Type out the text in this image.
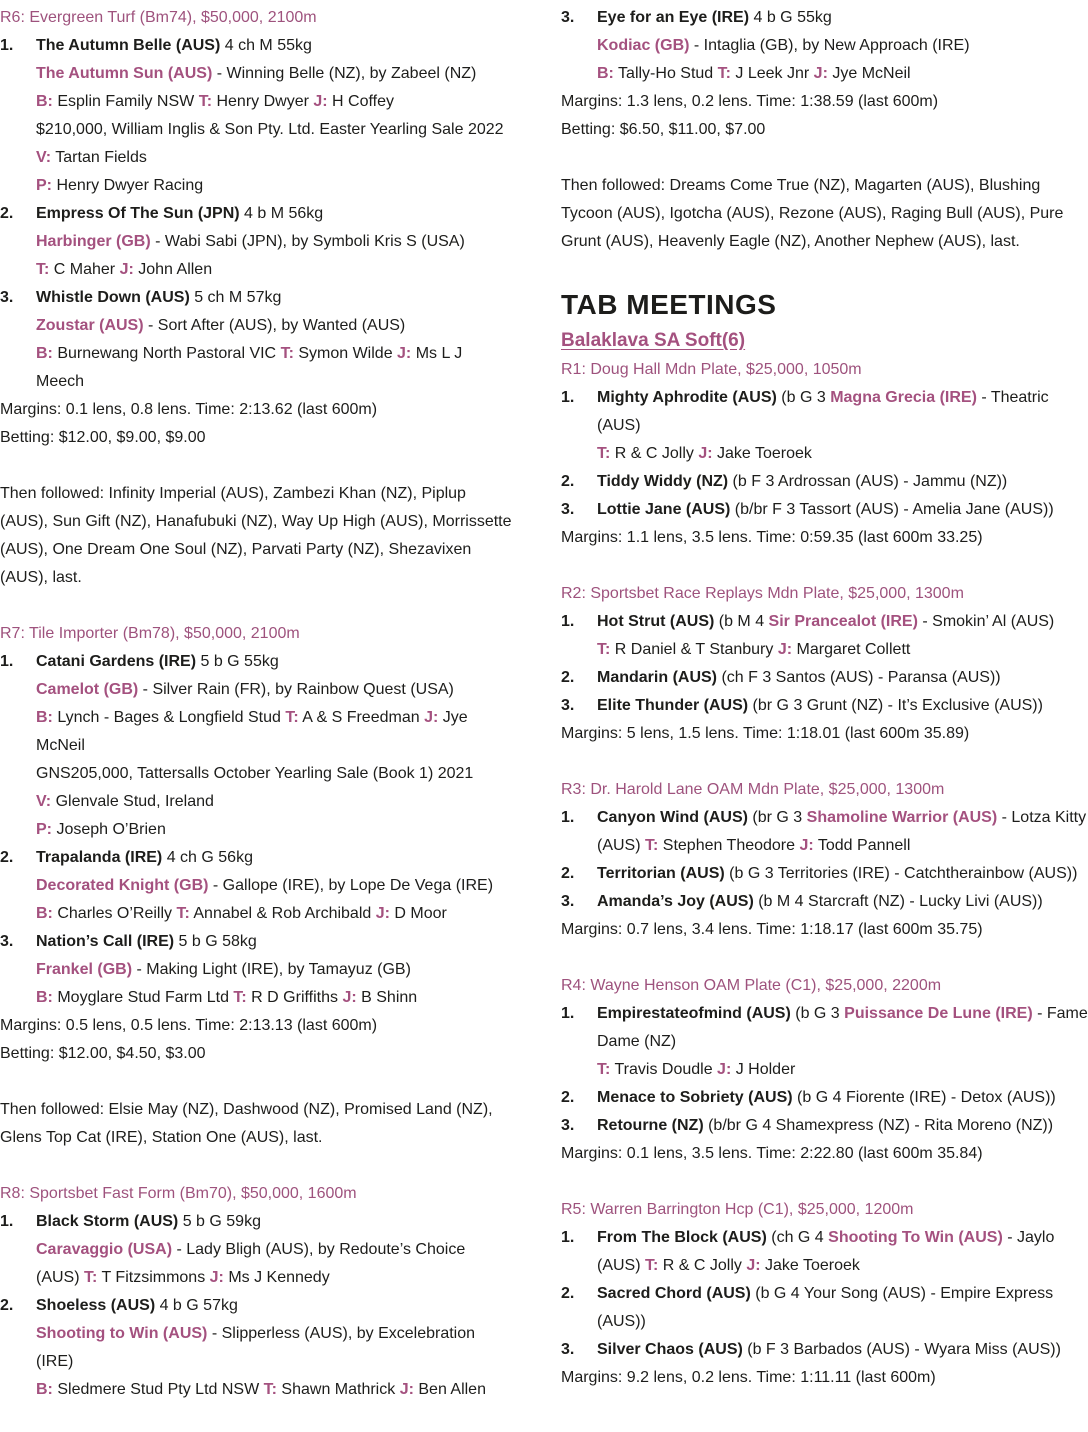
R6: Evergreen Turf (Bm74), $50,000, 2100m
1. The Autumn Belle (AUS) 4 ch M 55kg
The Autumn Sun (AUS) - Winning Belle (NZ), by Zabeel (NZ)
B: Esplin Family NSW T: Henry Dwyer J: H Coffey
$210,000, William Inglis & Son Pty. Ltd. Easter Yearling Sale 2022
V: Tartan Fields
P: Henry Dwyer Racing
2. Empress Of The Sun (JPN) 4 b M 56kg
Harbinger (GB) - Wabi Sabi (JPN), by Symboli Kris S (USA)
T: C Maher J: John Allen
3. Whistle Down (AUS) 5 ch M 57kg
Zoustar (AUS) - Sort After (AUS), by Wanted (AUS)
B: Burnewang North Pastoral VIC T: Symon Wilde J: Ms L J Meech
Margins: 0.1 lens, 0.8 lens. Time: 2:13.62 (last 600m)
Betting: $12.00, $9.00, $9.00
Then followed: Infinity Imperial (AUS), Zambezi Khan (NZ), Piplup (AUS), Sun Gift (NZ), Hanafubuki (NZ), Way Up High (AUS), Morrissette (AUS), One Dream One Soul (NZ), Parvati Party (NZ), Shezavixen (AUS), last.
R7: Tile Importer (Bm78), $50,000, 2100m
1. Catani Gardens (IRE) 5 b G 55kg
Camelot (GB) - Silver Rain (FR), by Rainbow Quest (USA)
B: Lynch - Bages & Longfield Stud T: A & S Freedman J: Jye McNeil
GNS205,000, Tattersalls October Yearling Sale (Book 1) 2021
V: Glenvale Stud, Ireland
P: Joseph O’Brien
2. Trapalanda (IRE) 4 ch G 56kg
Decorated Knight (GB) - Gallope (IRE), by Lope De Vega (IRE)
B: Charles O’Reilly T: Annabel & Rob Archibald J: D Moor
3. Nation’s Call (IRE) 5 b G 58kg
Frankel (GB) - Making Light (IRE), by Tamayuz (GB)
B: Moyglare Stud Farm Ltd T: R D Griffiths J: B Shinn
Margins: 0.5 lens, 0.5 lens. Time: 2:13.13 (last 600m)
Betting: $12.00, $4.50, $3.00
Then followed: Elsie May (NZ), Dashwood (NZ), Promised Land (NZ), Glens Top Cat (IRE), Station One (AUS), last.
R8: Sportsbet Fast Form (Bm70), $50,000, 1600m
1. Black Storm (AUS) 5 b G 59kg
Caravaggio (USA) - Lady Bligh (AUS), by Redoute’s Choice (AUS) T: T Fitzsimmons J: Ms J Kennedy
2. Shoeless (AUS) 4 b G 57kg
Shooting to Win (AUS) - Slipperless (AUS), by Excelebration (IRE)
B: Sledmere Stud Pty Ltd NSW T: Shawn Mathrick J: Ben Allen
3. Eye for an Eye (IRE) 4 b G 55kg
Kodiac (GB) - Intaglia (GB), by New Approach (IRE)
B: Tally-Ho Stud T: J Leek Jnr J: Jye McNeil
Margins: 1.3 lens, 0.2 lens. Time: 1:38.59 (last 600m)
Betting: $6.50, $11.00, $7.00
Then followed: Dreams Come True (NZ), Magarten (AUS), Blushing Tycoon (AUS), Igotcha (AUS), Rezone (AUS), Raging Bull (AUS), Pure Grunt (AUS), Heavenly Eagle (NZ), Another Nephew (AUS), last.
TAB MEETINGS
Balaklava SA Soft(6)
R1: Doug Hall Mdn Plate, $25,000, 1050m
1. Mighty Aphrodite (AUS) (b G 3 Magna Grecia (IRE) - Theatric (AUS)
T: R & C Jolly J: Jake Toeroek
2. Tiddy Widdy (NZ) (b F 3 Ardrossan (AUS) - Jammu (NZ))
3. Lottie Jane (AUS) (b/br F 3 Tassort (AUS) - Amelia Jane (AUS))
Margins: 1.1 lens, 3.5 lens. Time: 0:59.35 (last 600m 33.25)
R2: Sportsbet Race Replays Mdn Plate, $25,000, 1300m
1. Hot Strut (AUS) (b M 4 Sir Prancealot (IRE) - Smokin’ Al (AUS)
T: R Daniel & T Stanbury J: Margaret Collett
2. Mandarin (AUS) (ch F 3 Santos (AUS) - Paransa (AUS))
3. Elite Thunder (AUS) (br G 3 Grunt (NZ) - It’s Exclusive (AUS))
Margins: 5 lens, 1.5 lens. Time: 1:18.01 (last 600m 35.89)
R3: Dr. Harold Lane OAM Mdn Plate, $25,000, 1300m
1. Canyon Wind (AUS) (br G 3 Shamoline Warrior (AUS) - Lotza Kitty (AUS) T: Stephen Theodore J: Todd Pannell
2. Territorian (AUS) (b G 3 Territories (IRE) - Catchtherainbow (AUS))
3. Amanda’s Joy (AUS) (b M 4 Starcraft (NZ) - Lucky Livi (AUS))
Margins: 0.7 lens, 3.4 lens. Time: 1:18.17 (last 600m 35.75)
R4: Wayne Henson OAM Plate (C1), $25,000, 2200m
1. Empirestateofmind (AUS) (b G 3 Puissance De Lune (IRE) - Fame Dame (NZ)
T: Travis Doudle J: J Holder
2. Menace to Sobriety (AUS) (b G 4 Fiorente (IRE) - Detox (AUS))
3. Retourne (NZ) (b/br G 4 Shamexpress (NZ) - Rita Moreno (NZ))
Margins: 0.1 lens, 3.5 lens. Time: 2:22.80 (last 600m 35.84)
R5: Warren Barrington Hcp (C1), $25,000, 1200m
1. From The Block (AUS) (ch G 4 Shooting To Win (AUS) - Jaylo (AUS) T: R & C Jolly J: Jake Toeroek
2. Sacred Chord (AUS) (b G 4 Your Song (AUS) - Empire Express (AUS))
3. Silver Chaos (AUS) (b F 3 Barbados (AUS) - Wyara Miss (AUS))
Margins: 9.2 lens, 0.2 lens. Time: 1:11.11 (last 600m)
